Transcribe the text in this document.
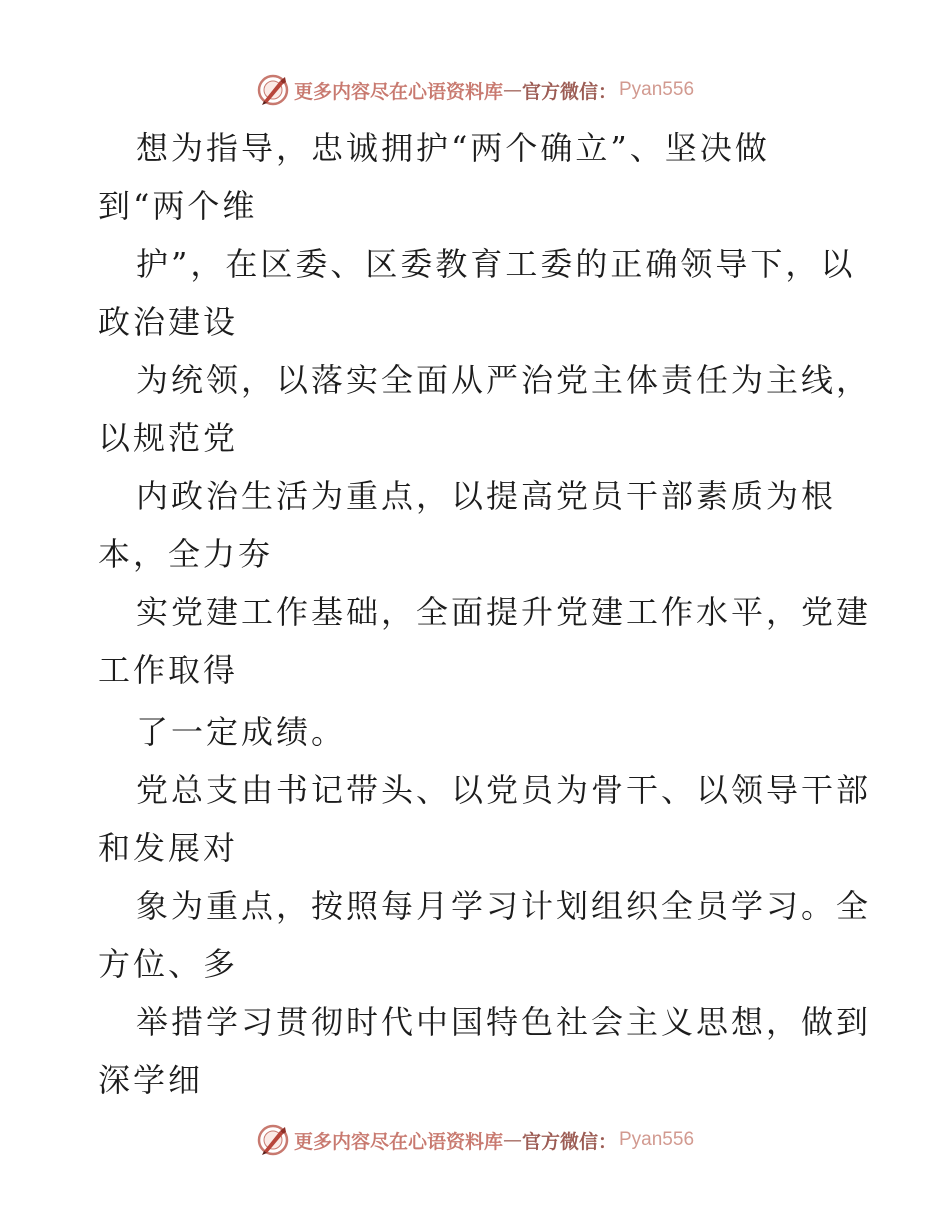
更多内容尽在心语资料库 — 官方微信： Pyan556
想为指导，忠诚拥护“两个确立”、坚决做
到“两个维
护”，在区委、区委教育工委的正确领导下，以
政治建设
为统领，以落实全面从严治党主体责任为主线，
以规范党
内政治生活为重点，以提高党员干部素质为根
本，全力夯
实党建工作基础，全面提升党建工作水平，党建
工作取得
了一定成绩。
党总支由书记带头、以党员为骨干、以领导干部
和发展对
象为重点，按照每月学习计划组织全员学习。全
方位、多
举措学习贯彻时代中国特色社会主义思想，做到
深学细
更多内容尽在心语资料库 — 官方微信： Pyan556
